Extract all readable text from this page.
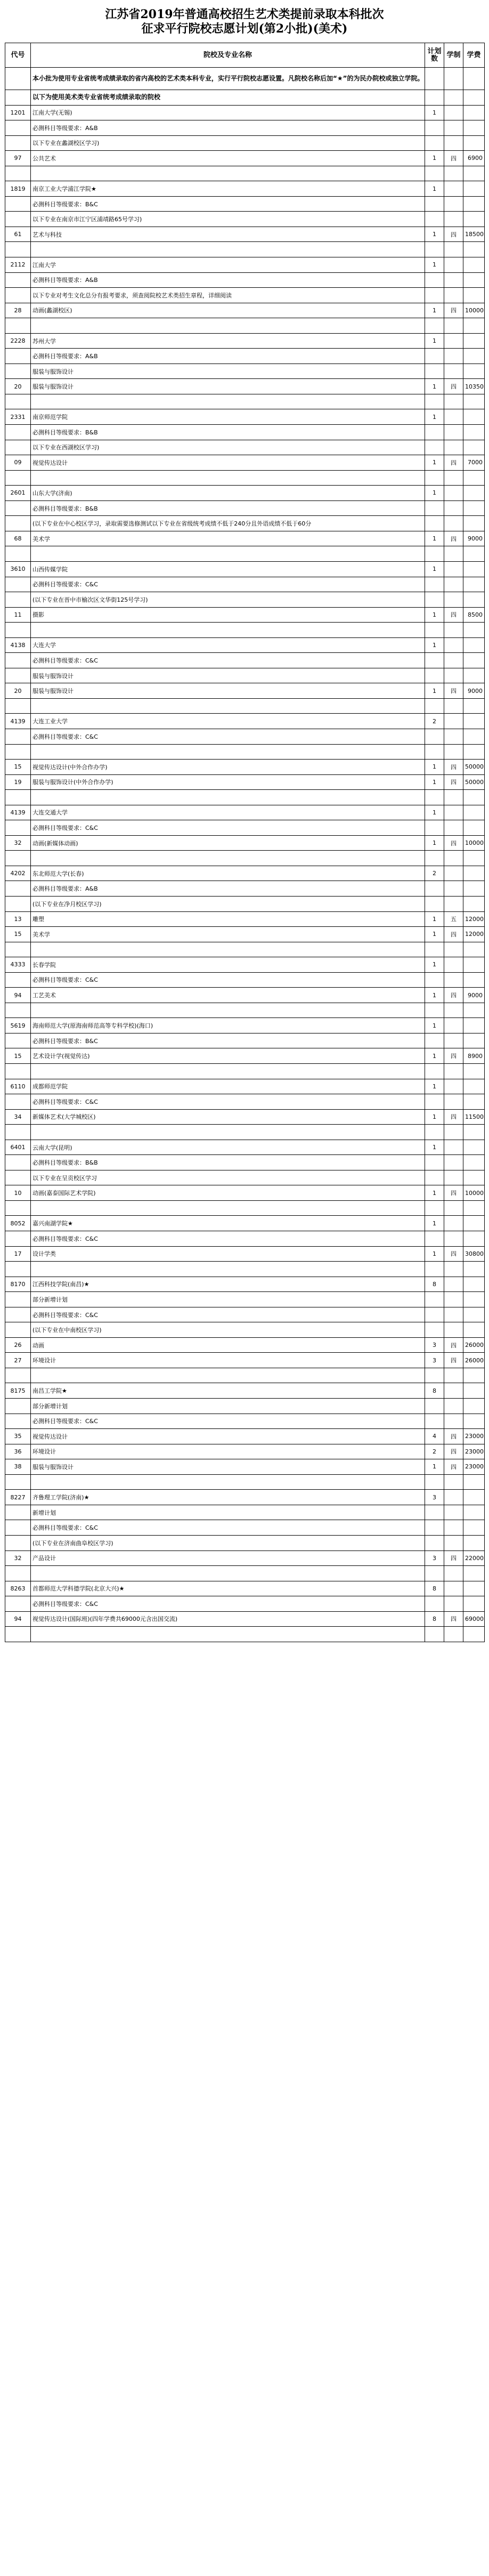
江苏省2019年普通高校招生艺术类提前录取本科批次
征求平行院校志愿计划(第2小批)(美术)
代号	院校及专业名称	计划数	学制	学费
	本小批为使用专业省统考成绩录取的省内高校的艺术类本科专业，实行平行院校志愿设置。凡院校名称后加“★”的为民办院校或独立学院。			
	以下为使用美术类专业省统考成绩录取的院校			
1201	江南大学(无锡)	1		
	必测科目等级要求：A&B			
	以下专业在蠡湖校区学习)			
97	公共艺术	1	四	6900

1819	南京工业大学浦江学院★	1		
	必测科目等级要求：B&C			
	以下专业在南京市江宁区浦靖路65号学习)			
61	艺术与科技	1	四	18500

2112	江南大学	1		
	必测科目等级要求：A&B			
	以下专业对考生文化总分有报考要求，须查阅院校艺术类招生章程，详细阅读			
28	动画(蠡湖校区)	1	四	10000

2228	苏州大学	1		
	必测科目等级要求：A&B			
	服装与服饰设计			
20	服装与服饰设计	1	四	10350

2331	南京师范学院	1		
	必测科目等级要求：B&B			
	以下专业在西湖校区学习)			
09	视觉传达设计	1	四	7000

2601	山东大学(济南)	1		
	必测科目等级要求：B&B			
	(以下专业在中心校区学习，录取需要选修测试以下专业在省级统考成绩不低于240分且外语成绩不低于60分			
68	美术学	1	四	9000

3610	山西传媒学院	1		
	必测科目等级要求：C&C			
	(以下专业在晋中市榆次区文华街125号学习)			
11	摄影	1	四	8500

4138	大连大学	1		
	必测科目等级要求：C&C			
	服装与服饰设计			
20	服装与服饰设计	1	四	9000

4139	大连工业大学	2		
	必测科目等级要求：C&C			

15	视觉传达设计(中外合作办学)	1	四	50000
19	服装与服饰设计(中外合作办学)	1	四	50000

4139	大连交通大学	1		
	必测科目等级要求：C&C			
32	动画(新媒体动画)	1	四	10000

4202	东北师范大学(长春)	2		
	必测科目等级要求：A&B			
	(以下专业在净月校区学习)			
13	雕塑	1	五	12000
15	美术学	1	四	12000

4333	长春学院	1		
	必测科目等级要求：C&C			
94	工艺美术	1	四	9000

5619	海南师范大学(原海南师范高等专科学校)(海口)	1		
	必测科目等级要求：B&C			
15	艺术设计学(视觉传达)	1	四	8900

6110	成都师范学院	1		
	必测科目等级要求：C&C			
34	新媒体艺术(大学城校区)	1	四	11500

6401	云南大学(昆明)	1		
	必测科目等级要求：B&B			
	以下专业在呈贡校区学习			
10	动画(嘉泰国际艺术学院)	1	四	10000

8052	嘉兴南湖学院★	1		
	必测科目等级要求：C&C			
17	设计学类	1	四	30800

8170	江西科技学院(南昌)★	8		
	部分新增计划			
	必测科目等级要求：C&C			
	(以下专业在中南校区学习)			
26	动画	3	四	26000
27	环境设计	3	四	26000

8175	南昌工学院★	8		
	部分新增计划			
	必测科目等级要求：C&C			
35	视觉传达设计	4	四	23000
36	环境设计	2	四	23000
38	服装与服饰设计	1	四	23000

8227	齐鲁理工学院(济南)★	3		
	新增计划			
	必测科目等级要求：C&C			
	(以下专业在济南曲阜校区学习)			
32	产品设计	3	四	22000

8263	首都师范大学科德学院(北京大兴)★	8		
	必测科目等级要求：C&C			
94	视觉传达设计(国际班)(四年学费共69000元含出国交流)	8	四	69000
